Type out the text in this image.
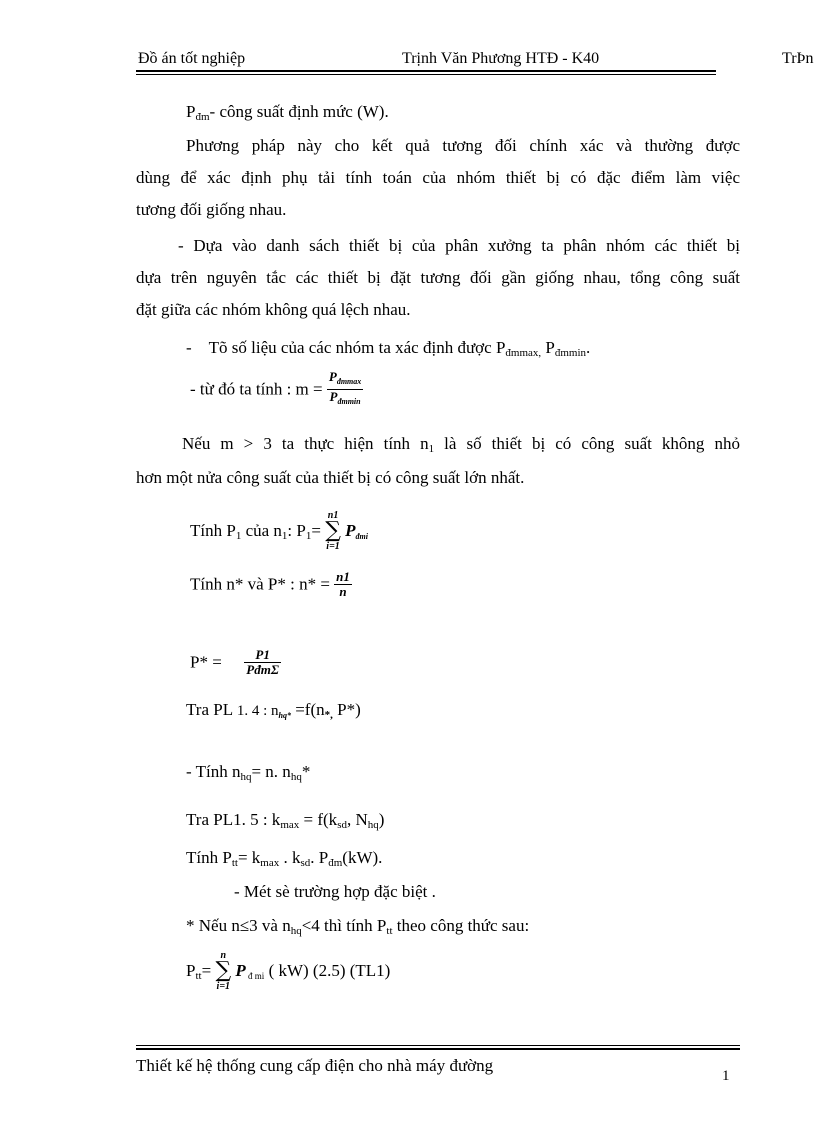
Đồ án tốt nghiệp	Trịnh Văn Phương HTĐ - K40	TrÞn
$P_{đm}-$ công suất định mức (W).
Phương pháp này cho kết quả tương đối chính xác và thường được
dùng để xác định phụ tải tính toán của nhóm thiết bị có đặc điểm làm việc
tương đối giống nhau.
- Dựa vào danh sách thiết bị của phân xưởng ta phân nhóm các thiết bị
dựa trên nguyên tắc các thiết bị đặt tương đối gần giống nhau, tổng công suất
đặt giữa các nhóm không quá lệch nhau.
-    Tõ số liệu của các nhóm ta xác định được $P_{đmmax,}$ $P_{đmmin}$.
- từ đó ta tính : $m = \frac{P_{đmmax}}{P_{đmmin}}$
Nếu m > 3 ta thực hiện tính $n_1$ là số thiết bị có công suất không nhỏ
hơn một nửa công suất của thiết bị có công suất lớn nhất.
Tính $P_1$ của $n_1$: $P_1=$
n1
∑
i=1
$P_{đmi}$
Tính n* và P* : $n* = \frac{n1}{n}$
$P* = \frac{P1}{\text{PđmΣ}}$
Tra PL 1. 4 : $n_{hq*} =f(n_{*,}$ P*)
- Tính $n_{hq}= n$. $n_{hq}*$
Tra PL1. 5 : $k_{max} = f(k_{sd}$, $N_{hq}$)
Tính $P_{tt}= k_{max}$ . $k_{sd}$. $P_{đm}(kW)$.
- Mét sè trường hợp đặc biệt .
* Nếu n≤3 và $n_{hq}<4$ thì tính $P_{tt}$ theo công thức sau:
$P_{tt}=$
n
∑
i=1
P $_{đ mi}$ ( kW) (2.5) (TL1)
Thiết kế hệ thống cung cấp điện cho nhà máy đường
1
